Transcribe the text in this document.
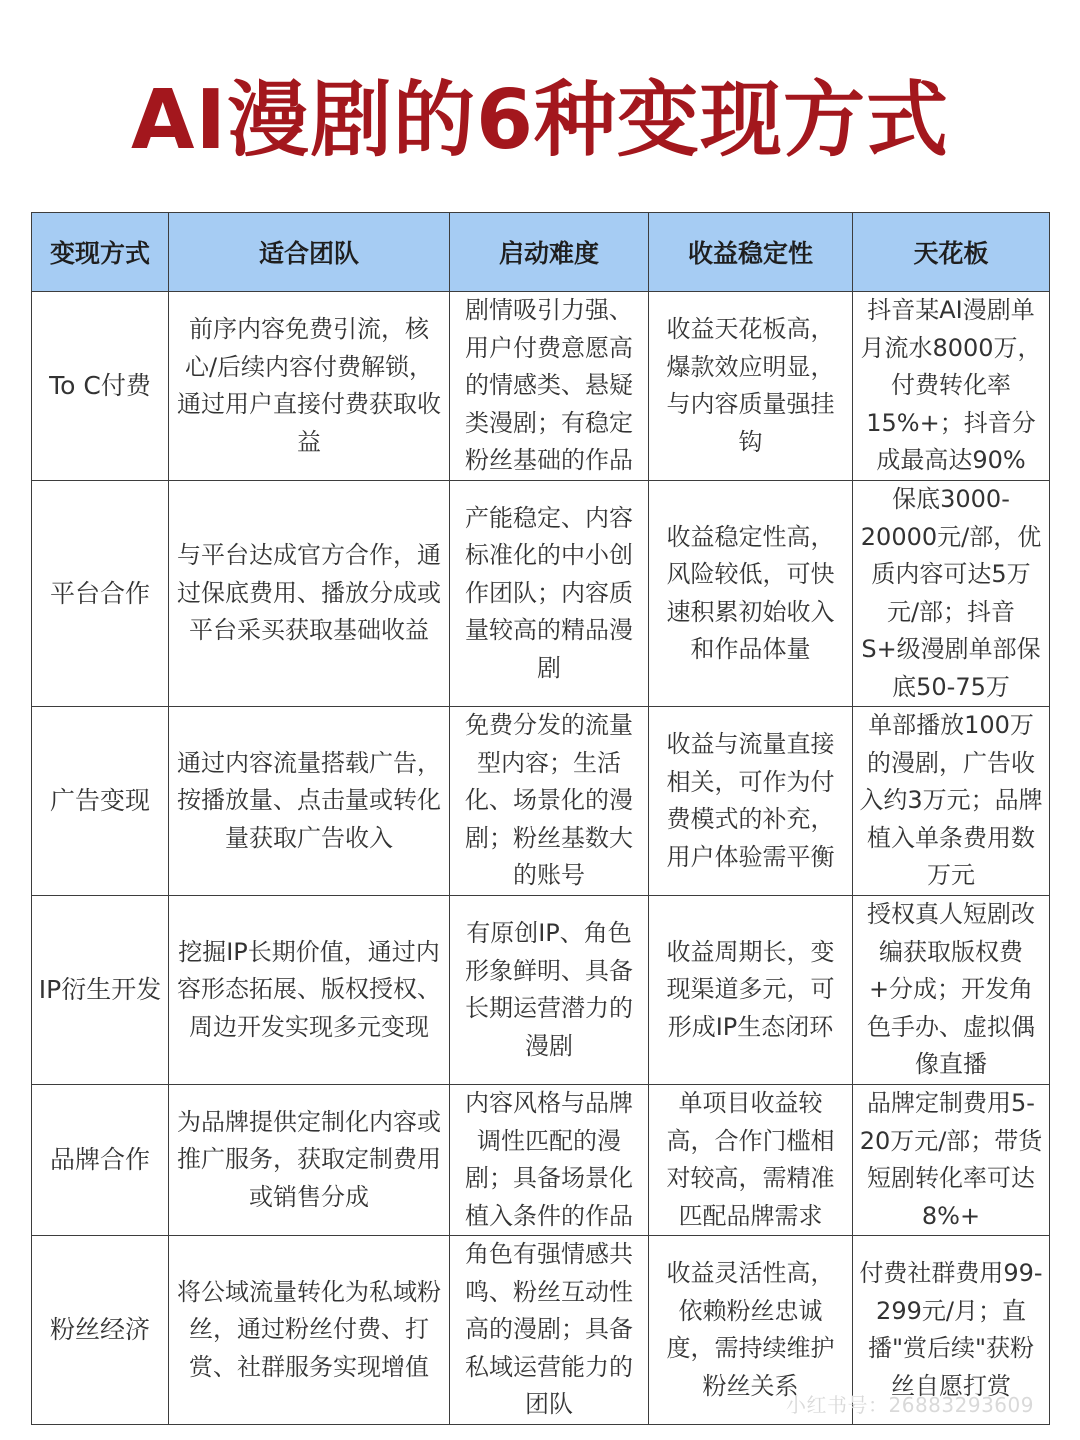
AI漫剧的6种变现方式
变现方式	适合团队	启动难度	收益稳定性	天花板
To C付费	前序内容免费引流，核心/后续内容付费解锁，通过用户直接付费获取收益	剧情吸引力强、用户付费意愿高的情感类、悬疑类漫剧；有稳定粉丝基础的作品	收益天花板高，爆款效应明显，与内容质量强挂钩	抖音某AI漫剧单月流水8000万，付费转化率15%+；抖音分成最高达90%
平台合作	与平台达成官方合作，通过保底费用、播放分成或平台采买获取基础收益	产能稳定、内容标准化的中小创作团队；内容质量较高的精品漫剧	收益稳定性高，风险较低，可快速积累初始收入和作品体量	保底3000-20000元/部，优质内容可达5万元/部；抖音S+级漫剧单部保底50-75万
广告变现	通过内容流量搭载广告，按播放量、点击量或转化量获取广告收入	免费分发的流量型内容；生活化、场景化的漫剧；粉丝基数大的账号	收益与流量直接相关，可作为付费模式的补充，用户体验需平衡	单部播放100万的漫剧，广告收入约3万元；品牌植入单条费用数万元
IP衍生开发	挖掘IP长期价值，通过内容形态拓展、版权授权、周边开发实现多元变现	有原创IP、角色形象鲜明、具备长期运营潜力的漫剧	收益周期长，变现渠道多元，可形成IP生态闭环	授权真人短剧改编获取版权费+分成；开发角色手办、虚拟偶像直播
品牌合作	为品牌提供定制化内容或推广服务，获取定制费用或销售分成	内容风格与品牌调性匹配的漫剧；具备场景化植入条件的作品	单项目收益较高，合作门槛相对较高，需精准匹配品牌需求	品牌定制费用5-20万元/部；带货短剧转化率可达8%+
粉丝经济	将公域流量转化为私域粉丝，通过粉丝付费、打赏、社群服务实现增值	角色有强情感共鸣、粉丝互动性高的漫剧；具备私域运营能力的团队	收益灵活性高，依赖粉丝忠诚度，需持续维护粉丝关系	付费社群费用99-299元/月；直播"赏后续"获粉丝自愿打赏
小红书号：26883293609
